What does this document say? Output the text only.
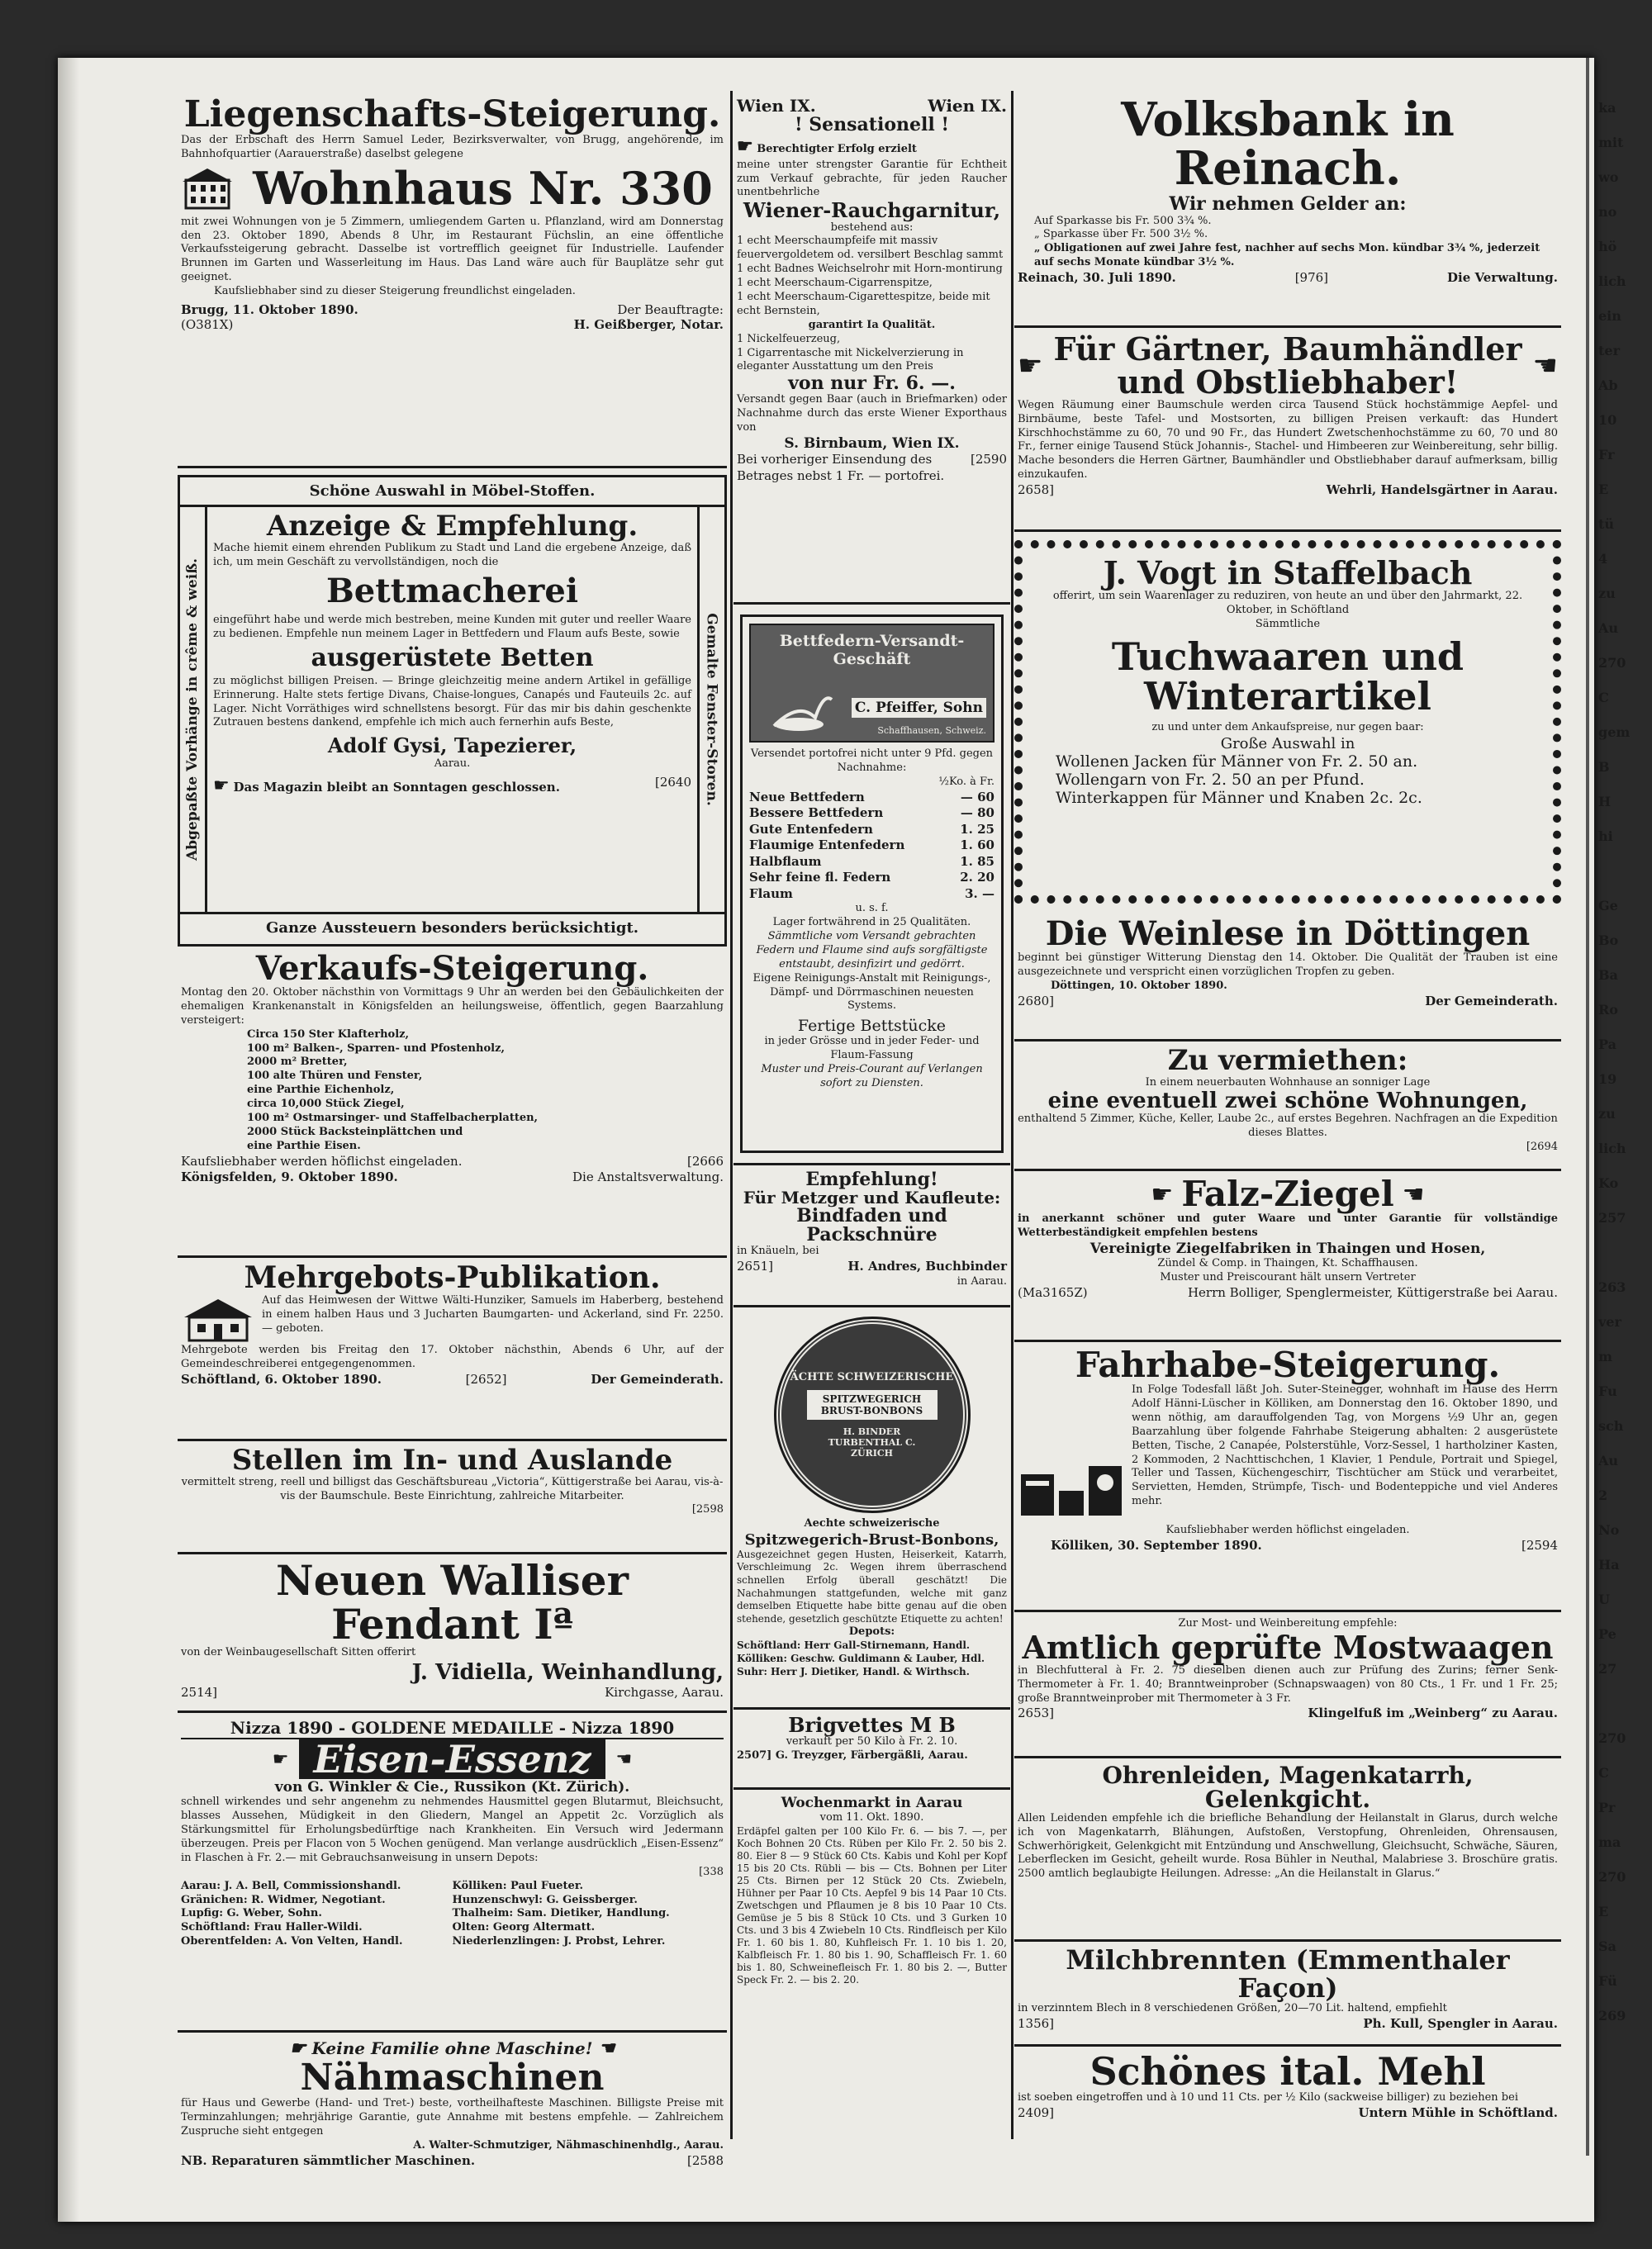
Liegenschafts-Steigerung.
Das der Erbschaft des Herrn Samuel Leder, Bezirksverwalter, von Brugg, angehörende, im Bahnhofquartier (Aarauerstraße) daselbst gelegene
Wohnhaus Nr. 330
mit zwei Wohnungen von je 5 Zimmern, umliegendem Garten u. Pflanzland, wird am Donnerstag den 23. Oktober 1890, Abends 8 Uhr, im Restaurant Füchslin, an eine öffentliche Verkaufssteigerung gebracht. Dasselbe ist vortrefflich geeignet für Industrielle. Laufender Brunnen im Garten und Wasserleitung im Haus. Das Land wäre auch für Bauplätze sehr gut geeignet.
Kaufsliebhaber sind zu dieser Steigerung freundlichst eingeladen.
Brugg, 11. Oktober 1890.	Der Beauftragte:
(O381X)	H. Geißberger, Notar.
Schöne Auswahl in Möbel-Stoffen.
Abgepaßte Vorhänge in crême & weiß.	Gemalte Fenster-Storen.
Anzeige & Empfehlung.
Mache hiemit einem ehrenden Publikum zu Stadt und Land die ergebene Anzeige, daß ich, um mein Geschäft zu vervollständigen, noch die
Bettmacherei
eingeführt habe und werde mich bestreben, meine Kunden mit guter und reeller Waare zu bedienen. Empfehle nun meinem Lager in Bettfedern und Flaum aufs Beste, sowie
ausgerüstete Betten
zu möglichst billigen Preisen. — Bringe gleichzeitig meine andern Artikel in gefällige Erinnerung. Halte stets fertige Divans, Chaise-longues, Canapés und Fauteuils 2c. auf Lager. Nicht Vorräthiges wird schnellstens besorgt. Für das mir bis dahin geschenkte Zutrauen bestens dankend, empfehle ich mich auch fernerhin aufs Beste,
Adolf Gysi, Tapezierer,
Aarau.
☛ Das Magazin bleibt an Sonntagen geschlossen.	[2640
Ganze Aussteuern besonders berücksichtigt.
Verkaufs-Steigerung.
Montag den 20. Oktober nächsthin von Vormittags 9 Uhr an werden bei den Gebäulichkeiten der ehemaligen Krankenanstalt in Königsfelden an heilungsweise, öffentlich, gegen Baarzahlung versteigert:
Circa 150 Ster Klafterholz,
100 m² Balken-, Sparren- und Pfostenholz,
2000 m² Bretter,
100 alte Thüren und Fenster,
eine Parthie Eichenholz,
circa 10,000 Stück Ziegel,
100 m² Ostmarsinger- und Staffelbacherplatten,
2000 Stück Backsteinplättchen und
eine Parthie Eisen.
Kaufsliebhaber werden höflichst eingeladen.	[2666
Königsfelden, 9. Oktober 1890.	Die Anstaltsverwaltung.
Mehrgebots-Publikation.
Auf das Heimwesen der Wittwe Wälti-Hunziker, Samuels im Haberberg, bestehend in einem halben Haus und 3 Jucharten Baumgarten- und Ackerland, sind Fr. 2250. — geboten.
Mehrgebote werden bis Freitag den 17. Oktober nächsthin, Abends 6 Uhr, auf der Gemeindeschreiberei entgegengenommen.
Schöftland, 6. Oktober 1890.	[2652]	Der Gemeinderath.
Stellen im In- und Auslande
vermittelt streng, reell und billigst das Geschäftsbureau „Victoria“, Küttigerstraße bei Aarau, vis-à-vis der Baumschule. Beste Einrichtung, zahlreiche Mitarbeiter.
[2598
Neuen Walliser Fendant Iª
von der Weinbaugesellschaft Sitten offerirt
J. Vidiella, Weinhandlung,
2514]	Kirchgasse, Aarau.
Nizza 1890 - GOLDENE MEDAILLE - Nizza 1890
☛ Eisen-Essenz	☚
von G. Winkler & Cie., Russikon (Kt. Zürich).
schnell wirkendes und sehr angenehm zu nehmendes Hausmittel gegen Blutarmut, Bleichsucht, blasses Aussehen, Müdigkeit in den Gliedern, Mangel an Appetit 2c. Vorzüglich als Stärkungsmittel für Erholungsbedürftige nach Krankheiten. Ein Versuch wird Jedermann überzeugen. Preis per Flacon von 5 Wochen genügend. Man verlange ausdrücklich „Eisen-Essenz“ in Flaschen à Fr. 2.— mit Gebrauchsanweisung in unsern Depots:
[338
Aarau: J. A. Bell, Commissionshandl.	Kölliken: Paul Fueter.
Gränichen: R. Widmer, Negotiant.	Hunzenschwyl: G. Geissberger.
Lupfig: G. Weber, Sohn.	Thalheim: Sam. Dietiker, Handlung.
Schöftland: Frau Haller-Wildi.	Olten: Georg Altermatt.
Oberentfelden: A. Von Velten, Handl.	Niederlenzlingen: J. Probst, Lehrer.
☛ Keine Familie ohne Maschine! ☚
Nähmaschinen
für Haus und Gewerbe (Hand- und Tret-) beste, vortheilhafteste Maschinen. Billigste Preise mit Terminzahlungen; mehrjährige Garantie, gute Annahme mit bestens empfehle. — Zahlreichem Zuspruche sieht entgegen
A. Walter-Schmutziger, Nähmaschinenhdlg., Aarau.
NB. Reparaturen sämmtlicher Maschinen.	[2588
Wien IX.	Wien IX.
! Sensationell !
☛ Berechtigter Erfolg erzielt
meine unter strengster Garantie für Echtheit zum Verkauf gebrachte, für jeden Raucher unentbehrliche
Wiener-Rauchgarnitur,
bestehend aus:
1 echt Meerschaumpfeife mit massiv feuervergoldetem od. versilbert Beschlag sammt
1 echt Badnes Weichselrohr mit Horn-montirung
1 echt Meerschaum-Cigarrenspitze,
1 echt Meerschaum-Cigarettespitze, beide mit echt Bernstein,
garantirt Ia Qualität.
1 Nickelfeuerzeug,
1 Cigarrentasche mit Nickelverzierung in eleganter Ausstattung um den Preis
von nur Fr. 6. —.
Versandt gegen Baar (auch in Briefmarken) oder Nachnahme durch das erste Wiener Exporthaus von
S. Birnbaum, Wien IX.
Bei vorheriger Einsendung des Betrages nebst 1 Fr. — portofrei.
[2590
Bettfedern-Versandt-
Geschäft
C. Pfeiffer, Sohn
Schaffhausen, Schweiz.
Versendet portofrei nicht unter 9 Pfd. gegen Nachnahme:
½Ko. à Fr.
Neue Bettfedern	— 60
Bessere Bettfedern	— 80
Gute Entenfedern	1. 25
Flaumige Entenfedern	1. 60
Halbflaum	1. 85
Sehr feine fl. Federn	2. 20
Flaum	3. —
u. s. f.
Lager fortwährend in 25 Qualitäten.
Sämmtliche vom Versandt gebrachten Federn und Flaume sind aufs sorgfältigste entstaubt, desinfizirt und gedörrt.
Eigene Reinigungs-Anstalt mit Reinigungs-, Dämpf- und Dörrmaschinen neuesten Systems.
Fertige Bettstücke
in jeder Grösse und in jeder Feder- und Flaum-Fassung
Muster und Preis-Courant auf Verlangen sofort zu Diensten.
Empfehlung!
Für Metzger und Kaufleute:
Bindfaden und Packschnüre
in Knäueln, bei
2651]	H. Andres, Buchbinder
in Aarau.
ÄCHTE SCHWEIZERISCHE
SPITZWEGERICH BRUST-BONBONS
H. BINDER TURBENTHAL C. ZÜRICH
Aechte schweizerische
Spitzwegerich-Brust-Bonbons,
Ausgezeichnet gegen Husten, Heiserkeit, Katarrh, Verschleimung 2c. Wegen ihrem überraschend schnellen Erfolg überall geschätzt! Die Nachahmungen stattgefunden, welche mit ganz demselben Etiquette habe bitte genau auf die oben stehende, gesetzlich geschützte Etiquette zu achten!
Depots:
Schöftland: Herr Gall-Stirnemann, Handl. Kölliken: Geschw. Guldimann & Lauber, Hdl. Suhr: Herr J. Dietiker, Handl. & Wirthsch.
Brigvettes M B
verkauft per 50 Kilo à Fr. 2. 10.
2507] G. Treyzger, Färbergäßli, Aarau.
Wochenmarkt in Aarau
vom 11. Okt. 1890.
Erdäpfel galten per 100 Kilo Fr. 6. — bis 7. —, per Koch Bohnen 20 Cts. Rüben per Kilo Fr. 2. 50 bis 2. 80. Eier 8 — 9 Stück 60 Cts. Kabis und Kohl per Kopf 15 bis 20 Cts. Rübli — bis — Cts. Bohnen per Liter 25 Cts. Birnen per 12 Stück 20 Cts. Zwiebeln, Hühner per Paar 10 Cts. Aepfel 9 bis 14 Paar 10 Cts. Zwetschgen und Pflaumen je 8 bis 10 Paar 10 Cts. Gemüse je 5 bis 8 Stück 10 Cts. und 3 Gurken 10 Cts. und 3 bis 4 Zwiebeln 10 Cts. Rindfleisch per Kilo Fr. 1. 60 bis 1. 80, Kuhfleisch Fr. 1. 10 bis 1. 20, Kalbfleisch Fr. 1. 80 bis 1. 90, Schaffleisch Fr. 1. 60 bis 1. 80, Schweinefleisch Fr. 1. 80 bis 2. —, Butter Speck Fr. 2. — bis 2. 20.
Volksbank in Reinach.
Wir nehmen Gelder an:
Auf Sparkasse bis Fr. 500 3¾ %.
„ Sparkasse über Fr. 500 3½ %.
„ Obligationen auf zwei Jahre fest, nachher auf sechs Mon. kündbar 3¾ %, jederzeit auf sechs Monate kündbar 3½ %.
Reinach, 30. Juli 1890.	[976]	Die Verwaltung.
☛ Für Gärtner, Baumhändler und Obstliebhaber!	☚
Wegen Räumung einer Baumschule werden circa Tausend Stück hochstämmige Aepfel- und Birnbäume, beste Tafel- und Mostsorten, zu billigen Preisen verkauft: das Hundert Kirschhochstämme zu 60, 70 und 90 Fr., das Hundert Zwetschenhochstämme zu 60, 70 und 80 Fr., ferner einige Tausend Stück Johannis-, Stachel- und Himbeeren zur Weinbereitung, sehr billig. Mache besonders die Herren Gärtner, Baumhändler und Obstliebhaber darauf aufmerksam, billig einzukaufen.
2658]	Wehrli, Handelsgärtner in Aarau.
J. Vogt in Staffelbach
offerirt, um sein Waarenlager zu reduziren, von heute an und über den Jahrmarkt, 22. Oktober, in Schöftland
Sämmtliche
Tuchwaaren und Winterartikel
zu und unter dem Ankaufspreise, nur gegen baar:
Große Auswahl in
Wollenen Jacken für Männer von Fr. 2. 50 an.
Wollengarn von Fr. 2. 50 an per Pfund.
Winterkappen für Männer und Knaben 2c. 2c.
Die Weinlese in Döttingen
beginnt bei günstiger Witterung Dienstag den 14. Oktober. Die Qualität der Trauben ist eine ausgezeichnete und verspricht einen vorzüglichen Tropfen zu geben.
Döttingen, 10. Oktober 1890.
2680]	Der Gemeinderath.
Zu vermiethen:
In einem neuerbauten Wohnhause an sonniger Lage
eine eventuell zwei schöne Wohnungen,
enthaltend 5 Zimmer, Küche, Keller, Laube 2c., auf erstes Begehren. Nachfragen an die Expedition dieses Blattes.
[2694
☛ Falz-Ziegel ☚
in anerkannt schöner und guter Waare und unter Garantie für vollständige Wetterbeständigkeit empfehlen bestens
Vereinigte Ziegelfabriken in Thaingen und Hosen,
Zündel & Comp. in Thaingen, Kt. Schaffhausen.
Muster und Preiscourant hält unsern Vertreter
(Ma3165Z)	Herrn Bolliger, Spenglermeister, Küttigerstraße bei Aarau.
Fahrhabe-Steigerung.
In Folge Todesfall läßt Joh. Suter-Steinegger, wohnhaft im Hause des Herrn Adolf Hänni-Lüscher in Kölliken, am Donnerstag den 16. Oktober 1890, und wenn nöthig, am darauffolgenden Tag, von Morgens ½9 Uhr an, gegen Baarzahlung über folgende Fahrhabe Steigerung abhalten: 2 ausgerüstete Betten, Tische, 2 Canapée, Polsterstühle, Vorz-Sessel, 1 hartholziner Kasten, 2 Kommoden, 2 Nachttischchen, 1 Klavier, 1 Pendule, Portrait und Spiegel, Teller und Tassen, Küchengeschirr, Tischtücher am Stück und verarbeitet, Servietten, Hemden, Strümpfe, Tisch- und Bodenteppiche und viel Anderes mehr.
Kaufsliebhaber werden höflichst eingeladen.
Kölliken, 30. September 1890.	[2594
Zur Most- und Weinbereitung empfehle:
Amtlich geprüfte Mostwaagen
in Blechfutteral à Fr. 2. 75 dieselben dienen auch zur Prüfung des Zurins; ferner Senk-Thermometer à Fr. 1. 40; Branntweinprober (Schnapswaagen) von 80 Cts., 1 Fr. und 1 Fr. 25; große Branntweinprober mit Thermometer à 3 Fr.
2653]	Klingelfuß im „Weinberg“ zu Aarau.
Ohrenleiden, Magenkatarrh, Gelenkgicht.
Allen Leidenden empfehle ich die briefliche Behandlung der Heilanstalt in Glarus, durch welche ich von Magenkatarrh, Blähungen, Aufstoßen, Verstopfung, Ohrenleiden, Ohrensausen, Schwerhörigkeit, Gelenkgicht mit Entzündung und Anschwellung, Gleichsucht, Schwäche, Säuren, Leberflecken im Gesicht, geheilt wurde. Rosa Bühler in Neuthal, Malabriese 3. Broschüre gratis. 2500 amtlich beglaubigte Heilungen. Adresse: „An die Heilanstalt in Glarus.“
Milchbrennten (Emmenthaler Façon)
in verzinntem Blech in 8 verschiedenen Größen, 20—70 Lit. haltend, empfiehlt
1356]	Ph. Kull, Spengler in Aarau.
Schönes ital. Mehl
ist soeben eingetroffen und à 10 und 11 Cts. per ½ Kilo (sackweise billiger) zu beziehen bei
2409]	Untern Mühle in Schöftland.
ka
mit
wo
no
hö
lich
ein
ter
Ab
10
Fr
E
tü
4
zu
Au
270
C
gem
B
H
hi
Ge
Bo
Ba
Ro
Pa
19
zu
lich
Ko
257
263
ver
m
Fu
sch
Au
2
No
Ha
U
Pe
27
270
C
Pr
ma
270
E
Sa
Fü
269
